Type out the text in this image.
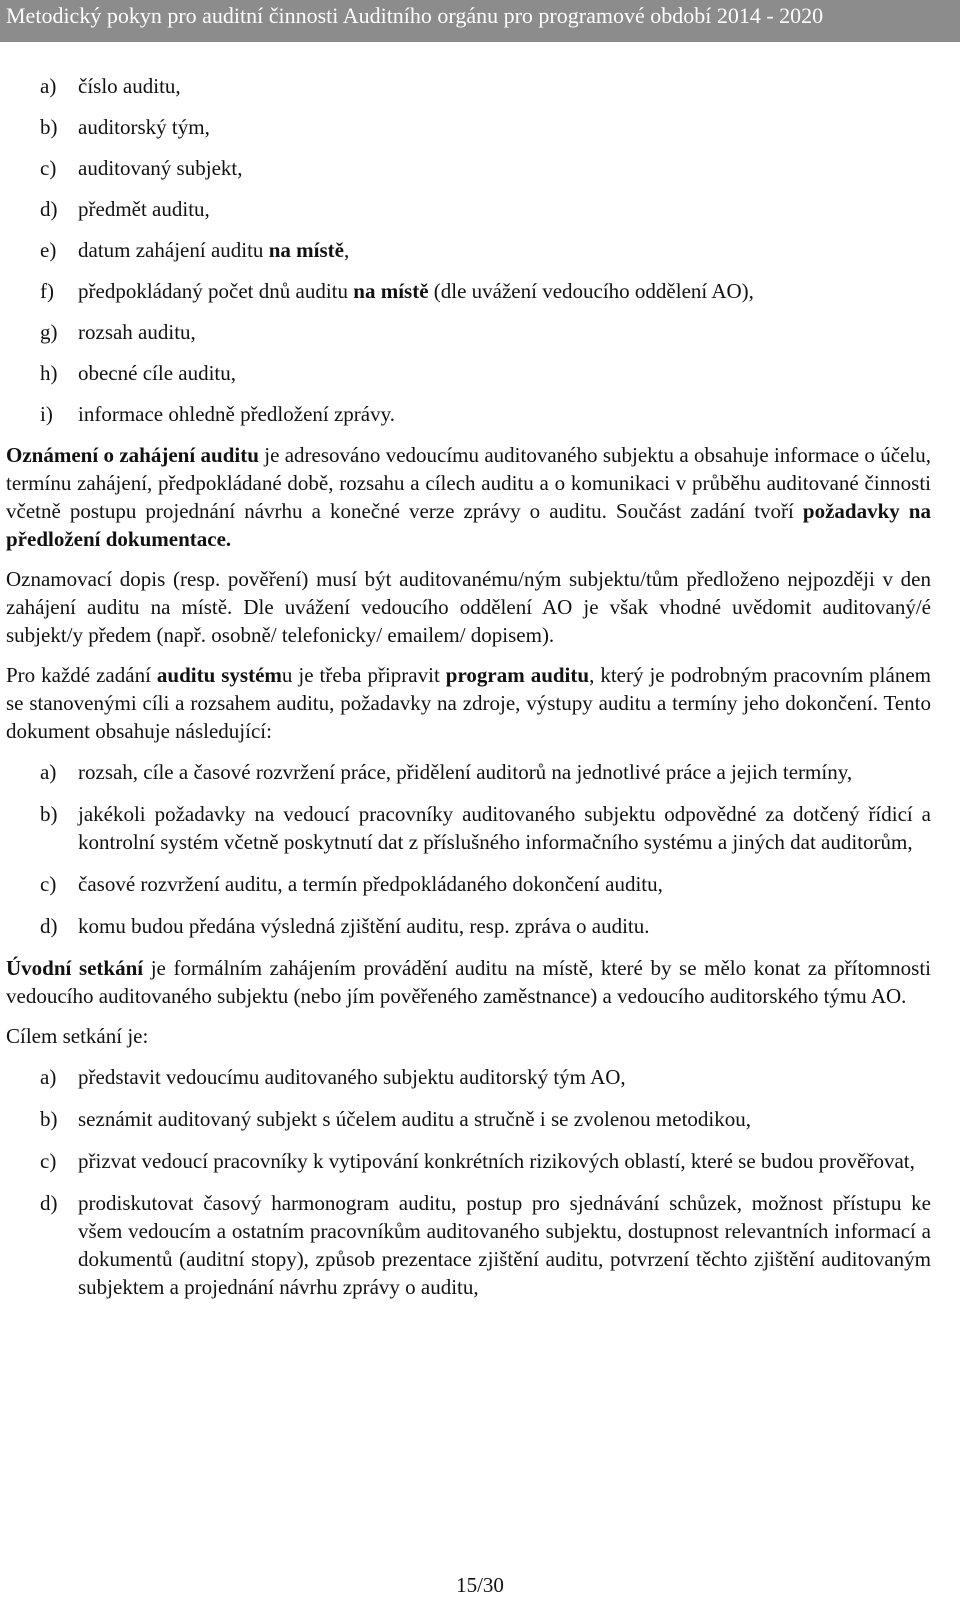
Metodický pokyn pro auditní činnosti Auditního orgánu pro programové období 2014 - 2020
a) číslo auditu,
b) auditorský tým,
c) auditovaný subjekt,
d) předmět auditu,
e) datum zahájení auditu na místě,
f) předpokládaný počet dnů auditu na místě (dle uvážení vedoucího oddělení AO),
g) rozsah auditu,
h) obecné cíle auditu,
i) informace ohledně předložení zprávy.

Oznámení o zahájení auditu je adresováno vedoucímu auditovaného subjektu a obsahuje informace o účelu, termínu zahájení, předpokládané době, rozsahu a cílech auditu a o komunikaci v průběhu auditované činnosti včetně postupu projednání návrhu a konečné verze zprávy o auditu. Součást zadání tvoří požadavky na předložení dokumentace.

Oznamovací dopis (resp. pověření) musí být auditovanému/ným subjektu/tům předloženo nejpozději v den zahájení auditu na místě. Dle uvážení vedoucího oddělení AO je však vhodné uvědomit auditovaný/é subjekt/y předem (např. osobně/ telefonicky/ emailem/ dopisem).

Pro každé zadání auditu systému je třeba připravit program auditu, který je podrobným pracovním plánem se stanovenými cíli a rozsahem auditu, požadavky na zdroje, výstupy auditu a termíny jeho dokončení. Tento dokument obsahuje následující:

a) rozsah, cíle a časové rozvržení práce, přidělení auditorů na jednotlivé práce a jejich termíny,
b) jakékoli požadavky na vedoucí pracovníky auditovaného subjektu odpovědné za dotčený řídicí a kontrolní systém včetně poskytnutí dat z příslušného informačního systému a jiných dat auditorům,
c) časové rozvržení auditu, a termín předpokládaného dokončení auditu,
d) komu budou předána výsledná zjištění auditu, resp. zpráva o auditu.

Úvodní setkání je formálním zahájením provádění auditu na místě, které by se mělo konat za přítomnosti vedoucího auditovaného subjektu (nebo jím pověřeného zaměstnance) a vedoucího auditorského týmu AO.

Cílem setkání je:

a) představit vedoucímu auditovaného subjektu auditorský tým AO,
b) seznámit auditovaný subjekt s účelem auditu a stručně i se zvolenou metodikou,
c) přizvat vedoucí pracovníky k vytipování konkrétních rizikových oblastí, které se budou prověřovat,
d) prodiskutovat časový harmonogram auditu, postup pro sjednávání schůzek, možnost přístupu ke všem vedoucím a ostatním pracovníkům auditovaného subjektu, dostupnost relevantních informací a dokumentů (auditní stopy), způsob prezentace zjištění auditu, potvrzení těchto zjištění auditovaným subjektem a projednání návrhu zprávy o auditu,
15/30
